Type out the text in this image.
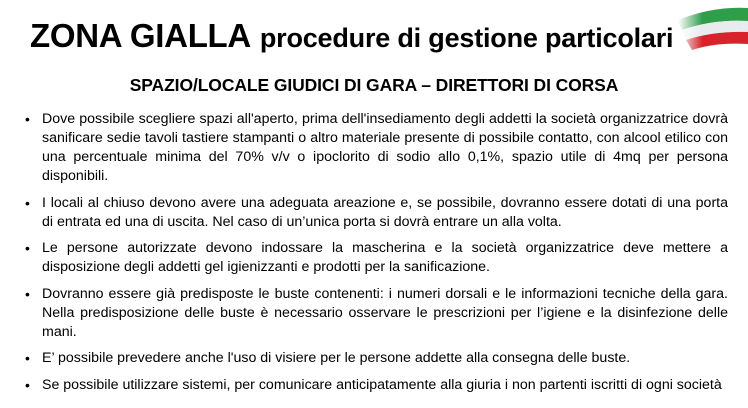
ZONA GIALLA procedure di gestione particolari
SPAZIO/LOCALE GIUDICI DI GARA – DIRETTORI DI CORSA
• Dove possibile scegliere spazi all'aperto, prima dell'insediamento degli addetti la società organizzatrice dovrà sanificare sedie tavoli tastiere stampanti o altro materiale presente di possibile contatto, con alcool etilico con una percentuale minima del 70% v/v o ipoclorito di sodio allo 0,1%, spazio utile di 4mq per persona disponibili.
• I locali al chiuso devono avere una adeguata areazione e, se possibile, dovranno essere dotati di una porta di entrata ed una di uscita. Nel caso di un’unica porta si dovrà entrare un alla volta.
• Le persone autorizzate devono indossare la mascherina e la società organizzatrice deve mettere a disposizione degli addetti gel igienizzanti e prodotti per la sanificazione.
• Dovranno essere già predisposte le buste contenenti: i numeri dorsali e le informazioni tecniche della gara. Nella predisposizione delle buste è necessario osservare le prescrizioni per l’igiene e la disinfezione delle mani.
• E’ possibile prevedere anche l'uso di visiere per le persone addette alla consegna delle buste.
• Se possibile utilizzare sistemi, per comunicare anticipatamente alla giuria i non partenti iscritti di ogni società
